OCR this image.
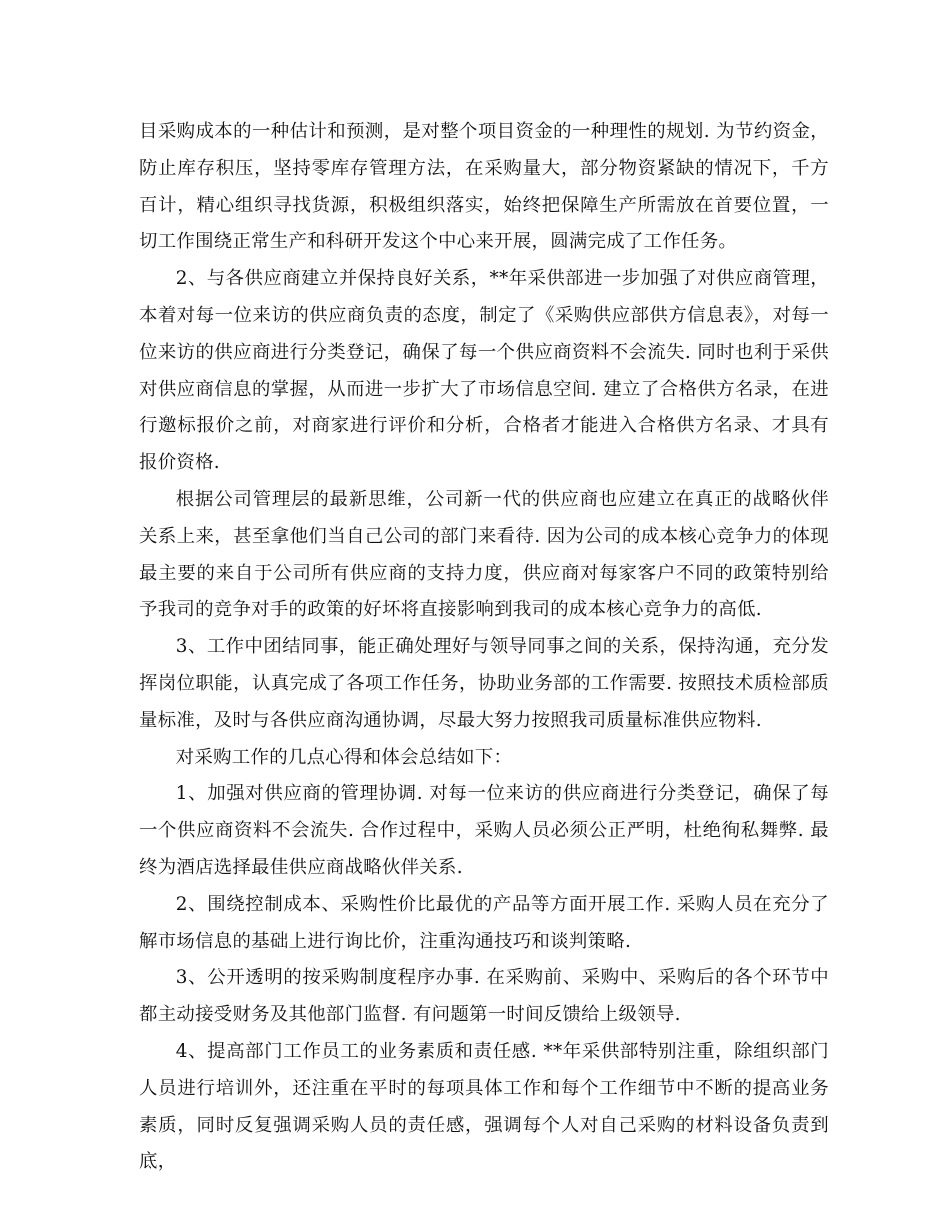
目采购成本的一种估计和预测，是对整个项目资金的一种理性的规划. 为节约资金，防止库存积压，坚持零库存管理方法，在采购量大，部分物资紧缺的情况下，千方百计，精心组织寻找货源，积极组织落实，始终把保障生产所需放在首要位置，一切工作围绕正常生产和科研开发这个中心来开展，圆满完成了工作任务。

2、与各供应商建立并保持良好关系，**年采供部进一步加强了对供应商管理，本着对每一位来访的供应商负责的态度，制定了《采购供应部供方信息表》，对每一位来访的供应商进行分类登记，确保了每一个供应商资料不会流失. 同时也利于采供对供应商信息的掌握，从而进一步扩大了市场信息空间. 建立了合格供方名录，在进行邀标报价之前，对商家进行评价和分析，合格者才能进入合格供方名录、才具有报价资格.

根据公司管理层的最新思维，公司新一代的供应商也应建立在真正的战略伙伴关系上来，甚至拿他们当自己公司的部门来看待. 因为公司的成本核心竞争力的体现最主要的来自于公司所有供应商的支持力度，供应商对每家客户不同的政策特别给予我司的竞争对手的政策的好坏将直接影响到我司的成本核心竞争力的高低.

3、工作中团结同事，能正确处理好与领导同事之间的关系，保持沟通，充分发挥岗位职能，认真完成了各项工作任务，协助业务部的工作需要. 按照技术质检部质量标准，及时与各供应商沟通协调，尽最大努力按照我司质量标准供应物料.

对采购工作的几点心得和体会总结如下：

1、加强对供应商的管理协调. 对每一位来访的供应商进行分类登记，确保了每一个供应商资料不会流失. 合作过程中，采购人员必须公正严明，杜绝徇私舞弊. 最终为酒店选择最佳供应商战略伙伴关系.

2、围绕控制成本、采购性价比最优的产品等方面开展工作. 采购人员在充分了解市场信息的基础上进行询比价，注重沟通技巧和谈判策略.

3、公开透明的按采购制度程序办事. 在采购前、采购中、采购后的各个环节中都主动接受财务及其他部门监督. 有问题第一时间反馈给上级领导.

4、提高部门工作员工的业务素质和责任感. **年采供部特别注重，除组织部门人员进行培训外，还注重在平时的每项具体工作和每个工作细节中不断的提高业务素质，同时反复强调采购人员的责任感，强调每个人对自己采购的材料设备负责到底，
